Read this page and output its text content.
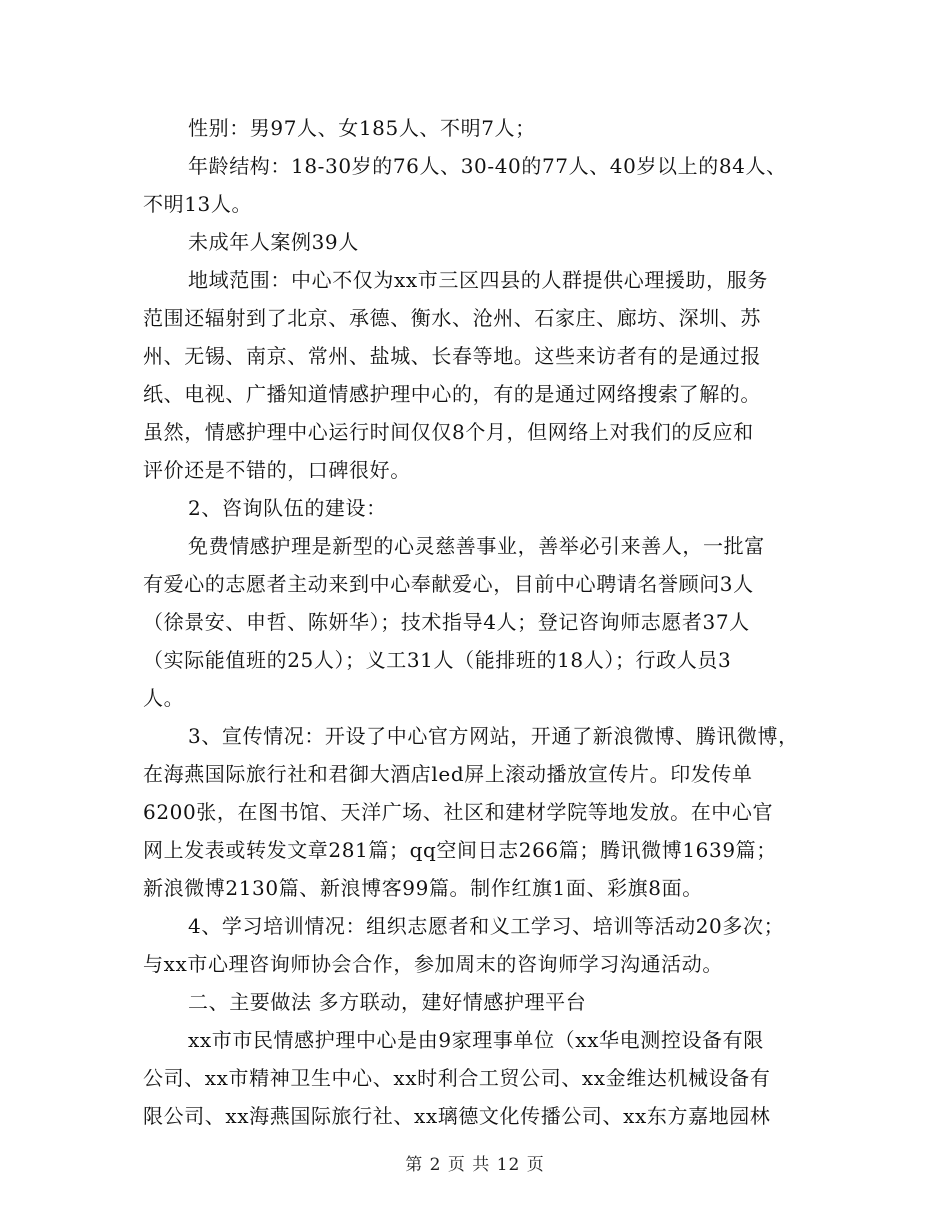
性别：男97人、女185人、不明7人；
年龄结构：18-30岁的76人、30-40的77人、40岁以上的84人、
不明13人。
未成年人案例39人
地域范围：中心不仅为xx市三区四县的人群提供心理援助，服务
范围还辐射到了北京、承德、衡水、沧州、石家庄、廊坊、深圳、苏
州、无锡、南京、常州、盐城、长春等地。这些来访者有的是通过报
纸、电视、广播知道情感护理中心的，有的是通过网络搜索了解的。
虽然，情感护理中心运行时间仅仅8个月，但网络上对我们的反应和
评价还是不错的，口碑很好。
2、咨询队伍的建设：
免费情感护理是新型的心灵慈善事业，善举必引来善人，一批富
有爱心的志愿者主动来到中心奉献爱心，目前中心聘请名誉顾问3人
（徐景安、申哲、陈妍华）；技术指导4人；登记咨询师志愿者37人
（实际能值班的25人）；义工31人（能排班的18人）；行政人员3
人。
3、宣传情况：开设了中心官方网站，开通了新浪微博、腾讯微博，
在海燕国际旅行社和君御大酒店led屏上滚动播放宣传片。印发传单
6200张，在图书馆、天洋广场、社区和建材学院等地发放。在中心官
网上发表或转发文章281篇；qq空间日志266篇；腾讯微博1639篇；
新浪微博2130篇、新浪博客99篇。制作红旗1面、彩旗8面。
4、学习培训情况：组织志愿者和义工学习、培训等活动20多次；
与xx市心理咨询师协会合作，参加周末的咨询师学习沟通活动。
二、主要做法 多方联动，建好情感护理平台
xx市市民情感护理中心是由9家理事单位（xx华电测控设备有限
公司、xx市精神卫生中心、xx时利合工贸公司、xx金维达机械设备有
限公司、xx海燕国际旅行社、xx璃德文化传播公司、xx东方嘉地园林
第 2 页 共 12 页
